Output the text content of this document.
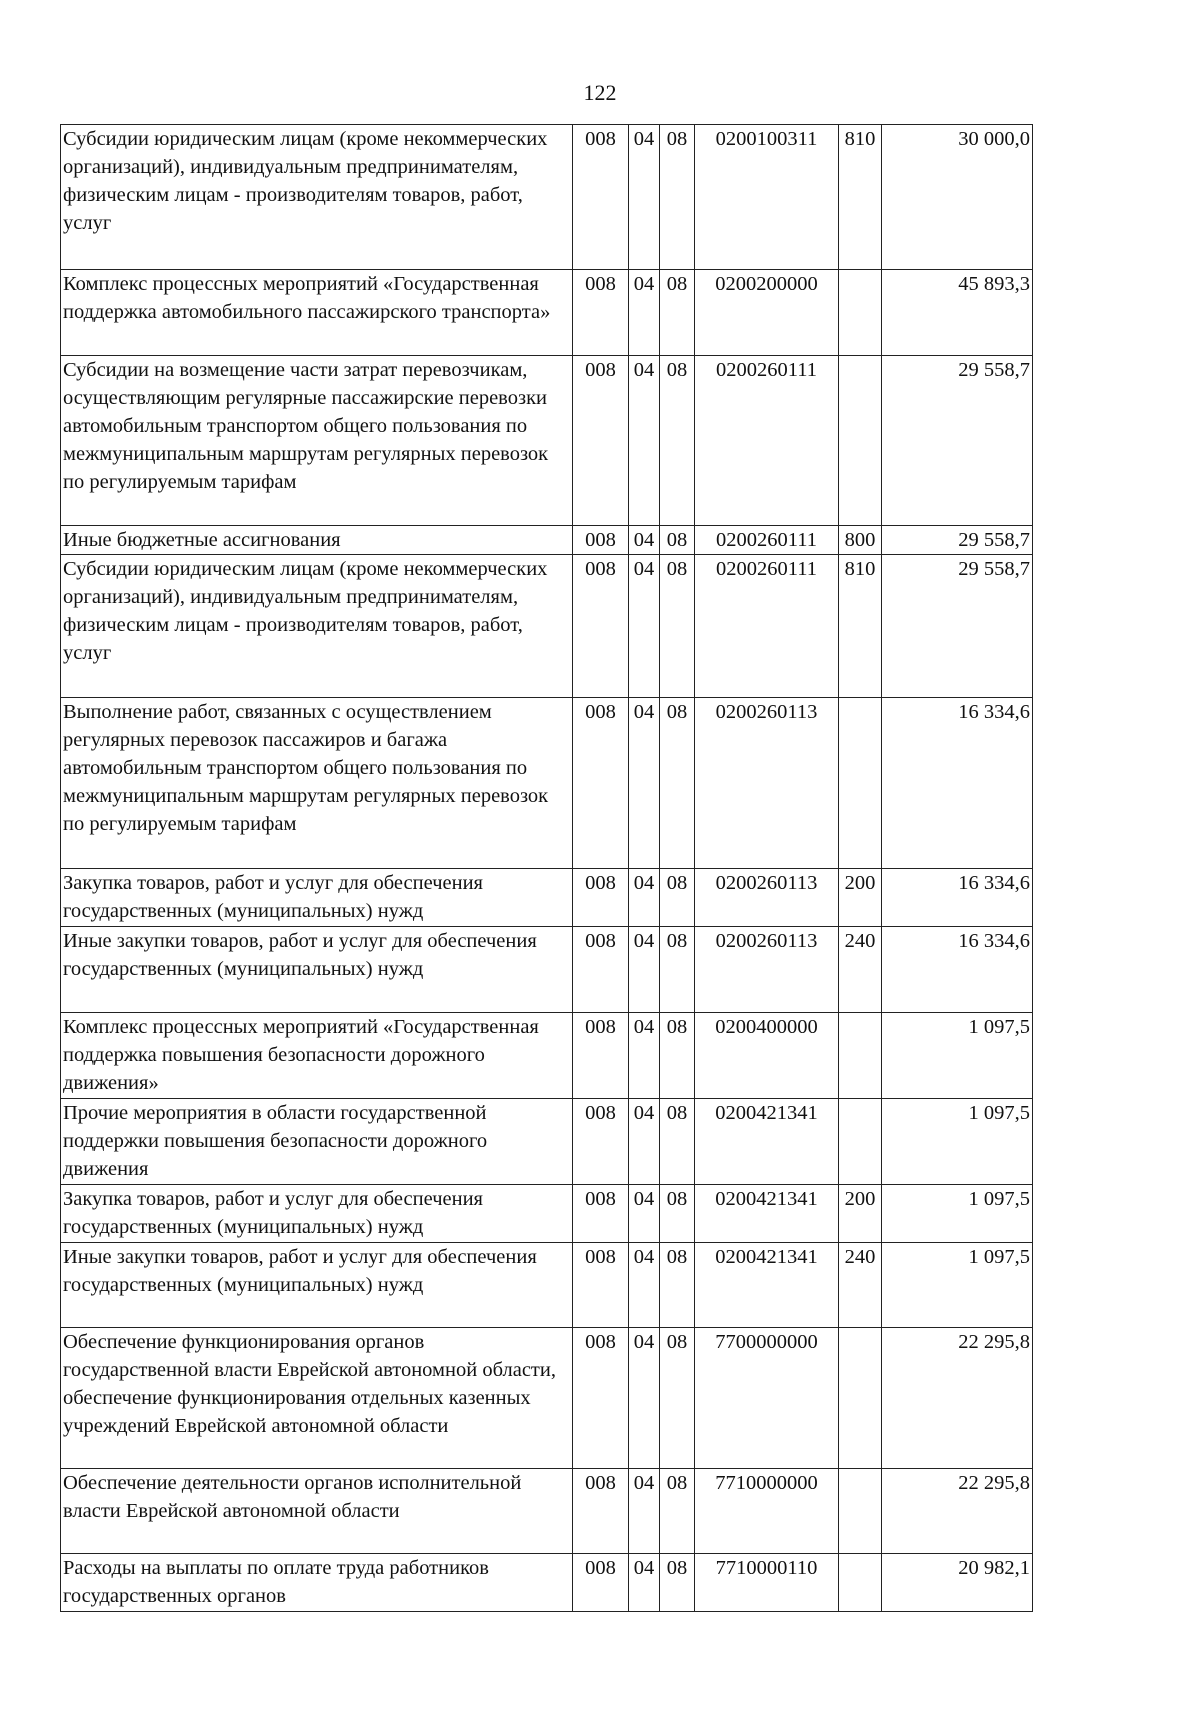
122
Субсидии юридическим лицам (кроме некоммерческих организаций), индивидуальным предпринимателям, физическим лицам - производителям товаров, работ, услуг	008	04	08	0200100311	810	30 000,0
Комплекс процессных мероприятий «Государственная поддержка автомобильного пассажирского транспорта»	008	04	08	0200200000		45 893,3
Субсидии на возмещение части затрат перевозчикам, осуществляющим регулярные пассажирские перевозки автомобильным транспортом общего пользования по межмуниципальным маршрутам регулярных перевозок по регулируемым тарифам	008	04	08	0200260111		29 558,7
Иные бюджетные ассигнования	008	04	08	0200260111	800	29 558,7
Субсидии юридическим лицам (кроме некоммерческих организаций), индивидуальным предпринимателям, физическим лицам - производителям товаров, работ, услуг	008	04	08	0200260111	810	29 558,7
Выполнение работ, связанных с осуществлением регулярных перевозок пассажиров и багажа автомобильным транспортом общего пользования по межмуниципальным маршрутам регулярных перевозок по регулируемым тарифам	008	04	08	0200260113		16 334,6
Закупка товаров, работ и услуг для обеспечения государственных (муниципальных) нужд	008	04	08	0200260113	200	16 334,6
Иные закупки товаров, работ и услуг для обеспечения государственных (муниципальных) нужд	008	04	08	0200260113	240	16 334,6
Комплекс процессных мероприятий «Государственная поддержка повышения безопасности дорожного движения»	008	04	08	0200400000		1 097,5
Прочие мероприятия в области государственной поддержки повышения безопасности дорожного движения	008	04	08	0200421341		1 097,5
Закупка товаров, работ и услуг для обеспечения государственных (муниципальных) нужд	008	04	08	0200421341	200	1 097,5
Иные закупки товаров, работ и услуг для обеспечения государственных (муниципальных) нужд	008	04	08	0200421341	240	1 097,5
Обеспечение функционирования органов государственной власти Еврейской автономной области, обеспечение функционирования отдельных казенных учреждений Еврейской автономной области	008	04	08	7700000000		22 295,8
Обеспечение деятельности органов исполнительной власти Еврейской автономной области	008	04	08	7710000000		22 295,8
Расходы на выплаты по оплате труда работников государственных органов	008	04	08	7710000110		20 982,1
